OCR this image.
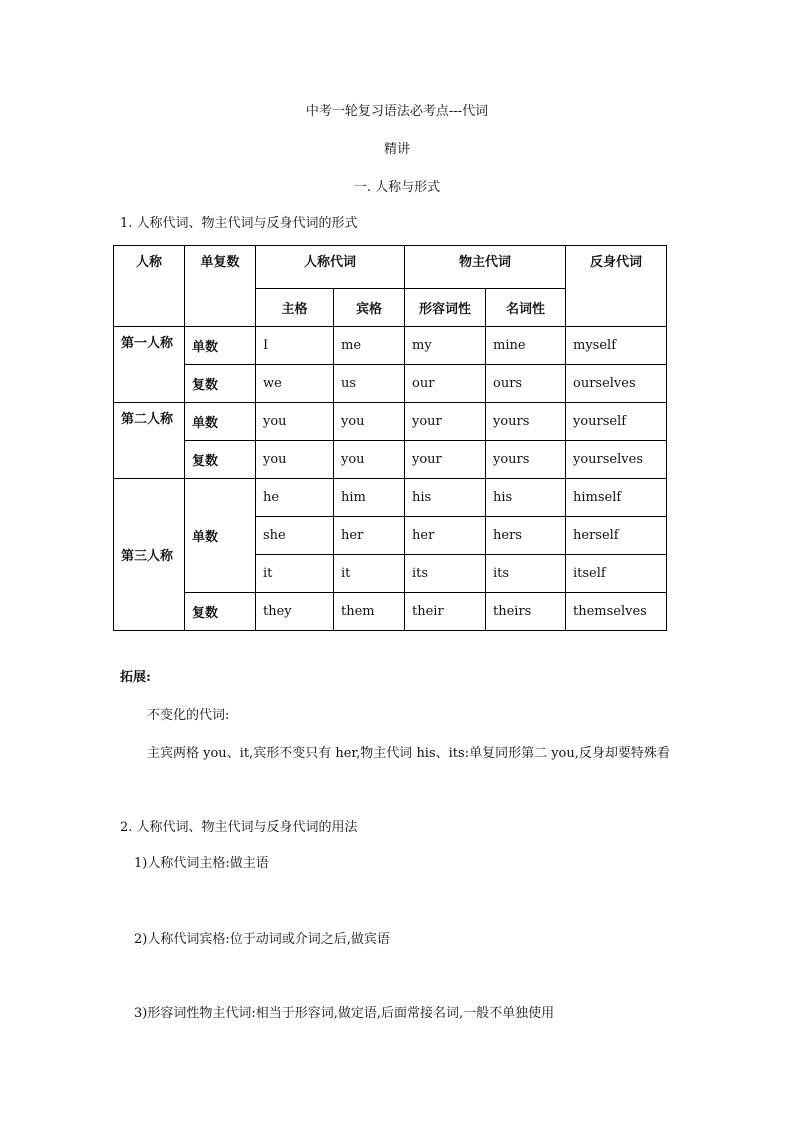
中考一轮复习语法必考点---代词
精讲
一. 人称与形式
1. 人称代词、物主代词与反身代词的形式
人称	单复数	人称代词		物主代词		反身代词
		主格	宾格	形容词性	名词性	
第一人称	单数	I	me	my	mine	myself
	复数	we	us	our	ours	ourselves
第二人称	单数	you	you	your	yours	yourself
	复数	you	you	your	yours	yourselves
第三人称	单数	he	him	his	his	himself
		she	her	her	hers	herself
		it	it	its	its	itself
	复数	they	them	their	theirs	themselves
拓展:
不变化的代词:
主宾两格 you、it,宾形不变只有 her,物主代词 his、its:单复同形第二 you,反身却要特殊看
2. 人称代词、物主代词与反身代词的用法
1)人称代词主格:做主语
2)人称代词宾格:位于动词或介词之后,做宾语
3)形容词性物主代词:相当于形容词,做定语,后面常接名词,一般不单独使用
